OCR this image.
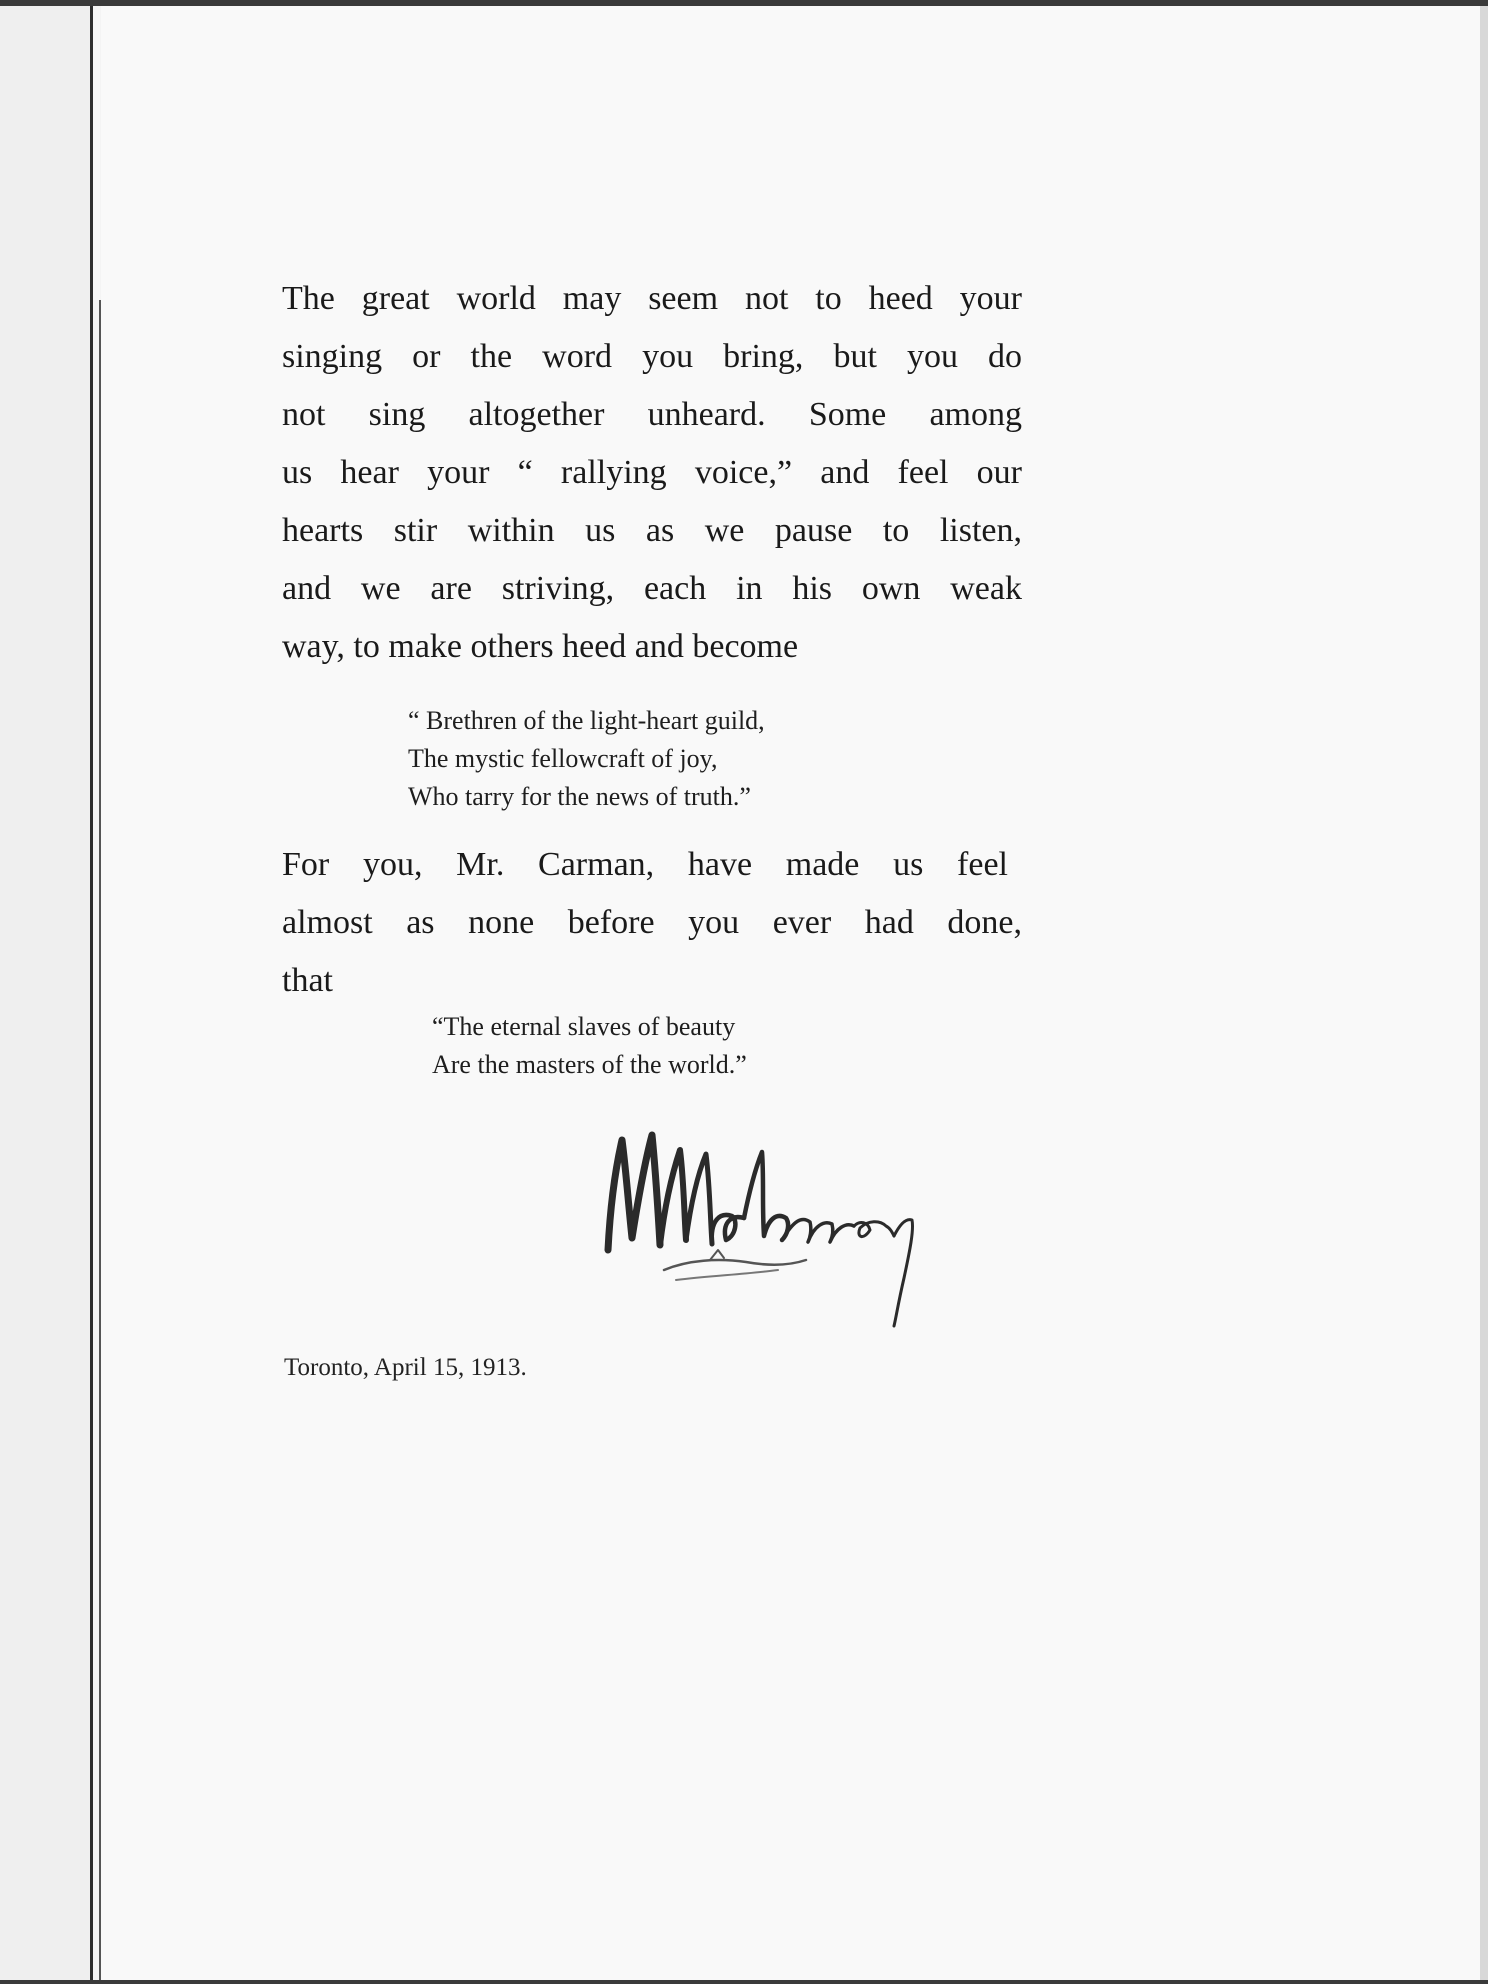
The great world may seem not to heed your
singing or the word you bring, but you do
not sing altogether unheard. Some among
us hear your “ rallying voice,” and feel our
hearts stir within us as we pause to listen,
and we are striving, each in his own weak
way, to make others heed and become
“ Brethren of the light-heart guild,
The mystic fellowcraft of joy,
Who tarry for the news of truth.”
For you, Mr. Carman, have made us feel
almost as none before you ever had done,
that
“The eternal slaves of beauty
Are the masters of the world.”
Toronto, April 15, 1913.
